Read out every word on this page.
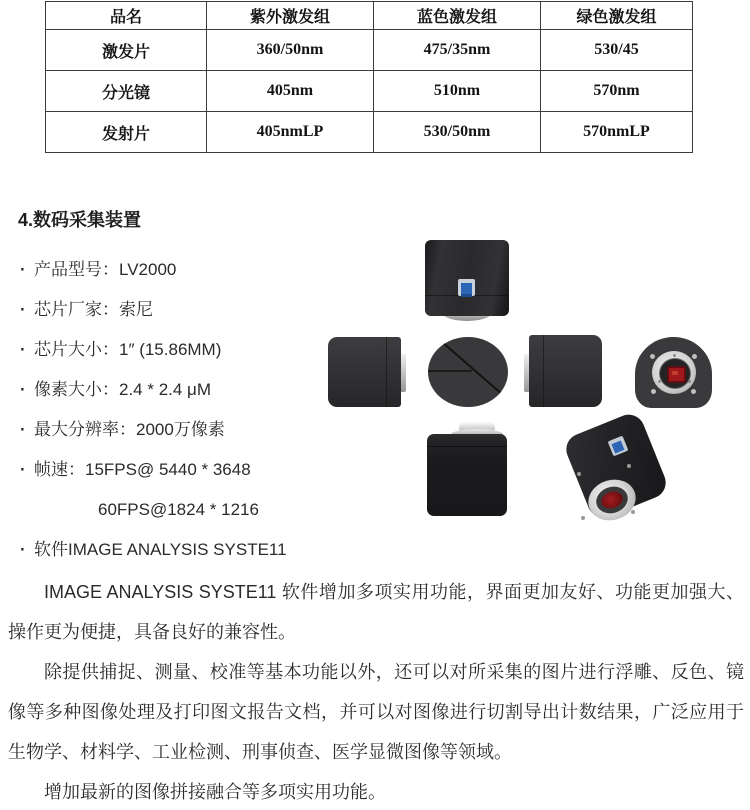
品名	紫外激发组	蓝色激发组	绿色激发组
激发片	360/50nm	475/35nm	530/45
分光镜	405nm	510nm	570nm
发射片	405nmLP	530/50nm	570nmLP
4.数码采集装置
· 产品型号：LV2000
· 芯片厂家：索尼
· 芯片大小：1″ (15.86MM)
· 像素大小：2.4 * 2.4 μM
· 最大分辨率：2000万像素
· 帧速：15FPS@ 5440 * 3648
60FPS@1824 * 1216
· 软件IMAGE ANALYSIS SYSTE11

IMAGE ANALYSIS SYSTE11 软件增加多项实用功能，界面更加友好、功能更加强大、操作更为便捷，具备良好的兼容性。

除提供捕捉、测量、校准等基本功能以外，还可以对所采集的图片进行浮雕、反色、镜像等多种图像处理及打印图文报告文档，并可以对图像进行切割导出计数结果，广泛应用于生物学、材料学、工业检测、刑事侦查、医学显微图像等领域。

增加最新的图像拼接融合等多项实用功能。
